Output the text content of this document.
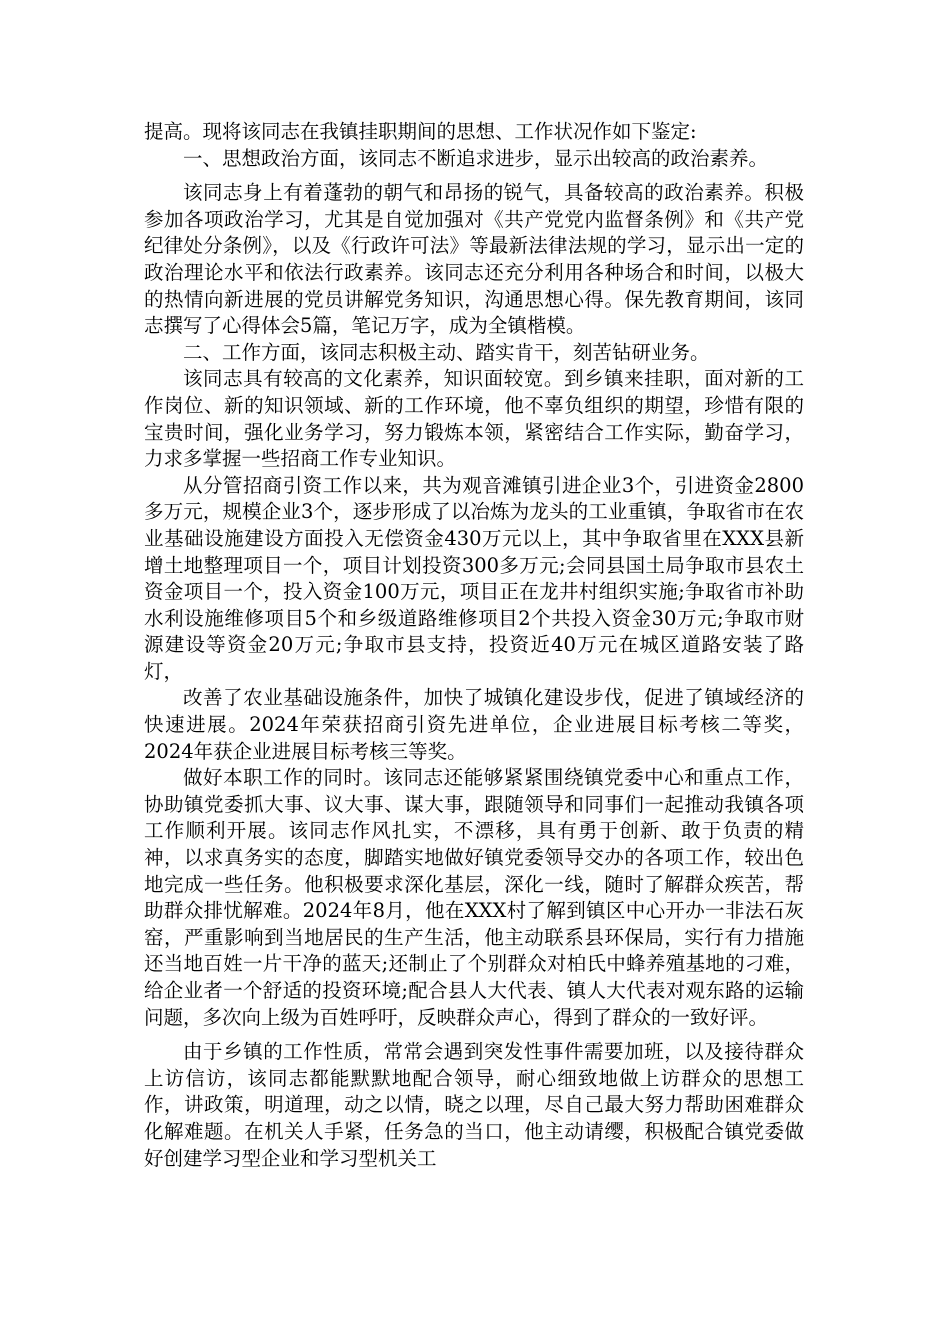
提高。现将该同志在我镇挂职期间的思想、工作状况作如下鉴定:

一、思想政治方面，该同志不断追求进步，显示出较高的政治素养。

该同志身上有着蓬勃的朝气和昂扬的锐气，具备较高的政治素养。积极参加各项政治学习，尤其是自觉加强对《共产党党内监督条例》和《共产党纪律处分条例》，以及《行政许可法》等最新法律法规的学习，显示出一定的政治理论水平和依法行政素养。该同志还充分利用各种场合和时间，以极大的热情向新进展的党员讲解党务知识，沟通思想心得。保先教育期间，该同志撰写了心得体会5篇，笔记万字，成为全镇楷模。

二、工作方面，该同志积极主动、踏实肯干，刻苦钻研业务。

该同志具有较高的文化素养，知识面较宽。到乡镇来挂职，面对新的工作岗位、新的知识领域、新的工作环境，他不辜负组织的期望，珍惜有限的宝贵时间，强化业务学习，努力锻炼本领，紧密结合工作实际，勤奋学习，力求多掌握一些招商工作专业知识。

从分管招商引资工作以来，共为观音滩镇引进企业3个，引进资金2800多万元，规模企业3个，逐步形成了以冶炼为龙头的工业重镇，争取省市在农业基础设施建设方面投入无偿资金430万元以上，其中争取省里在XXX县新增土地整理项目一个，项目计划投资300多万元;会同县国土局争取市县农土资金项目一个，投入资金100万元，项目正在龙井村组织实施;争取省市补助水利设施维修项目5个和乡级道路维修项目2个共投入资金30万元;争取市财源建设等资金20万元;争取市县支持，投资近40万元在城区道路安装了路灯，

改善了农业基础设施条件，加快了城镇化建设步伐，促进了镇域经济的快速进展。2024年荣获招商引资先进单位，企业进展目标考核二等奖，2024年获企业进展目标考核三等奖。

做好本职工作的同时。该同志还能够紧紧围绕镇党委中心和重点工作，协助镇党委抓大事、议大事、谋大事，跟随领导和同事们一起推动我镇各项工作顺利开展。该同志作风扎实，不漂移，具有勇于创新、敢于负责的精神，以求真务实的态度，脚踏实地做好镇党委领导交办的各项工作，较出色地完成一些任务。他积极要求深化基层，深化一线，随时了解群众疾苦，帮助群众排忧解难。2024年8月，他在XXX村了解到镇区中心开办一非法石灰窑，严重影响到当地居民的生产生活，他主动联系县环保局，实行有力措施还当地百姓一片干净的蓝天;还制止了个别群众对柏氏中蜂养殖基地的刁难，给企业者一个舒适的投资环境;配合县人大代表、镇人大代表对观东路的运输问题，多次向上级为百姓呼吁，反映群众声心，得到了群众的一致好评。

由于乡镇的工作性质，常常会遇到突发性事件需要加班，以及接待群众上访信访，该同志都能默默地配合领导，耐心细致地做上访群众的思想工作，讲政策，明道理，动之以情，晓之以理，尽自己最大努力帮助困难群众化解难题。在机关人手紧，任务急的当口，他主动请缨，积极配合镇党委做好创建学习型企业和学习型机关工
